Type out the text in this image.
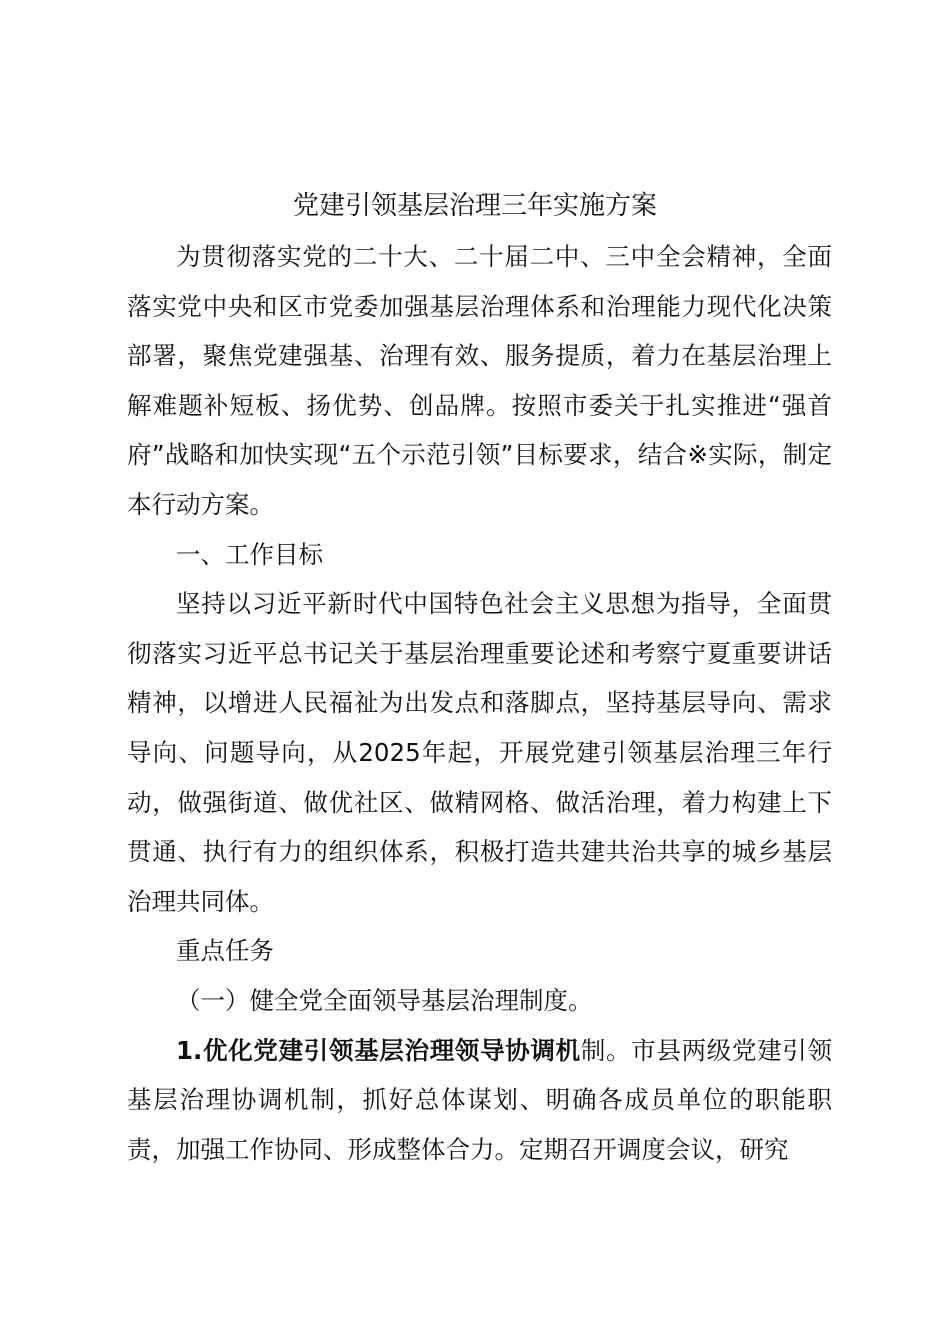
党建引领基层治理三年实施方案

为贯彻落实党的二十大、二十届二中、三中全会精神，全面落实党中央和区市党委加强基层治理体系和治理能力现代化决策部署，聚焦党建强基、治理有效、服务提质，着力在基层治理上解难题补短板、扬优势、创品牌。按照市委关于扎实推进“强首府”战略和加快实现“五个示范引领”目标要求，结合※实际，制定本行动方案。

一、工作目标

坚持以习近平新时代中国特色社会主义思想为指导，全面贯彻落实习近平总书记关于基层治理重要论述和考察宁夏重要讲话精神，以增进人民福祉为出发点和落脚点，坚持基层导向、需求导向、问题导向，从2025年起，开展党建引领基层治理三年行动，做强街道、做优社区、做精网格、做活治理，着力构建上下贯通、执行有力的组织体系，积极打造共建共治共享的城乡基层治理共同体。

重点任务

（一）健全党全面领导基层治理制度。

1.优化党建引领基层治理领导协调机制。市县两级党建引领基层治理协调机制，抓好总体谋划、明确各成员单位的职能职责，加强工作协同、形成整体合力。定期召开调度会议，研究
